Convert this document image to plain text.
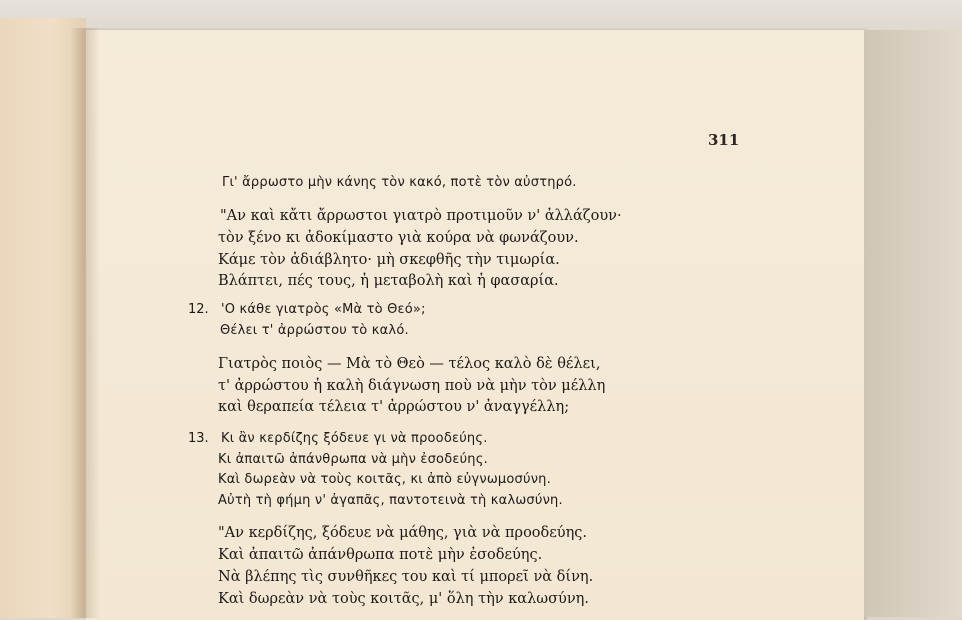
311
Γι' ἄρρωστο μὴν κάνης τὸν κακό, ποτὲ τὸν αὐστηρό.
"Αν καὶ κἄτι ἄρρωστοι γιατρὸ προτιμοῦν ν' ἀλλάζουν·
τὸν ξένο κι ἀδοκίμαστο γιὰ κούρα νὰ φωνάζουν.
Κάμε τὸν ἀδιάβλητο· μὴ σκεφθῆς τὴν τιμωρία.
Βλάπτει, πές τους, ἡ μεταβολὴ καὶ ἡ φασαρία.
12. 'Ο κάθε γιατρὸς «Μὰ τὸ Θεό»;
Θέλει τ' ἀρρώστου τὸ καλό.
Γιατρὸς ποιὸς — Μὰ τὸ Θεὸ — τέλος καλὸ δὲ θέλει,
τ' ἀρρώστου ἡ καλὴ διάγνωση ποὺ νὰ μὴν τὸν μέλλη
καὶ θεραπεία τέλεια τ' ἀρρώστου ν' ἀναγγέλλη;
13. Κι ἂν κερδίζης ξόδευε γι νὰ προοδεύης.
Κι ἀπαιτῶ ἀπάνθρωπα νὰ μὴν ἐσοδεύης.
Καὶ δωρεὰν νὰ τοὺς κοιτᾶς, κι ἀπὸ εὐγνωμοσύνη.
Αὐτὴ τὴ φήμη ν' ἀγαπᾶς, παντοτεινὰ τὴ καλωσύνη.
"Αν κερδίζης, ξόδευε νὰ μάθης, γιὰ νὰ προοδεύης.
Καὶ ἀπαιτῶ ἀπάνθρωπα ποτὲ μὴν ἐσοδεύης.
Νὰ βλέπης τὶς συνθῆκες του καὶ τί μπορεῖ νὰ δίνη.
Καὶ δωρεὰν νὰ τοὺς κοιτᾶς, μ' ὅλη τὴν καλωσύνη.
